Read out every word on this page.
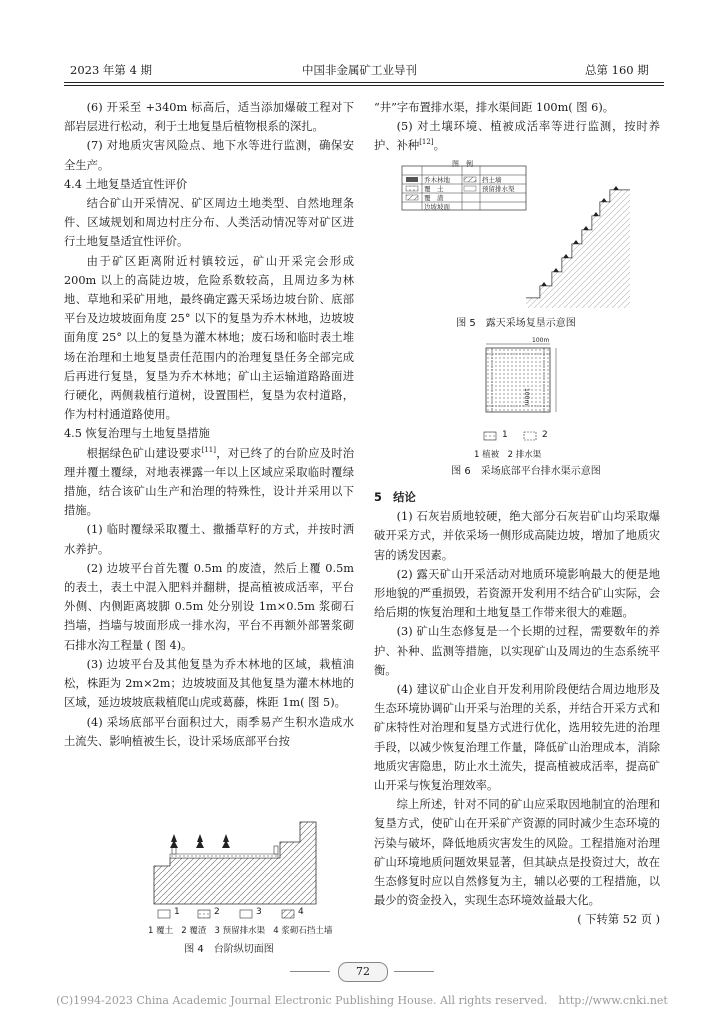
2023 年第 4 期	中国非金属矿工业导刊	总第 160 期

(6) 开采至 +340m 标高后，适当添加爆破工程对下部岩层进行松动，利于土地复垦后植物根系的深扎。

(7) 对地质灾害风险点、地下水等进行监测，确保安全生产。

4.4 土地复垦适宜性评价

结合矿山开采情况、矿区周边土地类型、自然地理条件、区域规划和周边村庄分布、人类活动情况等对矿区进行土地复垦适宜性评价。

由于矿区距离附近村镇较远，矿山开采完会形成 200m 以上的高陡边坡，危险系数较高，且周边多为林地、草地和采矿用地，最终确定露天采场边坡台阶、底部平台及边坡坡面角度 25° 以下的复垦为乔木林地，边坡坡面角度 25° 以上的复垦为灌木林地；废石场和临时表土堆场在治理和土地复垦责任范围内的治理复垦任务全部完成后再进行复垦，复垦为乔木林地；矿山主运输道路路面进行硬化，两侧栽植行道树，设置围栏，复垦为农村道路，作为村村通道路使用。

4.5 恢复治理与土地复垦措施

根据绿色矿山建设要求[11]，对已终了的台阶应及时治理并覆土覆绿，对地表裸露一年以上区域应采取临时覆绿措施，结合该矿山生产和治理的特殊性，设计并采用以下措施。

(1) 临时覆绿采取覆土、撒播草籽的方式，并按时洒水养护。

(2) 边坡平台首先覆 0.5m 的废渣，然后上覆 0.5m 的表土，表土中混入肥料并翻耕，提高植被成活率，平台外侧、内侧距离坡脚 0.5m 处分别设 1m×0.5m 浆砌石挡墙，挡墙与坡面形成一排水沟，平台不再额外部署浆砌石排水沟工程量 ( 图 4)。

(3) 边坡平台及其他复垦为乔木林地的区域，栽植油松，株距为 2m×2m；边坡坡面及其他复垦为灌木林地的区域，延边坡坡底栽植爬山虎或葛藤，株距 1m( 图 5)。

(4) 采场底部平台面积过大，雨季易产生积水造成水土流失、影响植被生长，设计采场底部平台按

1	2	3	4
1 覆土 2 覆渣 3 预留排水渠 4 浆砌石挡土墙
图 4　台阶纵切面图

“井”字布置排水渠，排水渠间距 100m( 图 6)。

(5) 对土壤环境、植被成活率等进行监测，按时养护、补种[12]。

图　例
乔木林地	挡土墙
覆　土	预留排水渠
覆　渣
边坡坡面
图 5　露天采场复垦示意图
100m
100m
1	2
1 植被　2 排水渠
图 6　采场底部平台排水渠示意图

5　结论

(1) 石灰岩质地较硬，绝大部分石灰岩矿山均采取爆破开采方式，并依采场一侧形成高陡边坡，增加了地质灾害的诱发因素。

(2) 露天矿山开采活动对地质环境影响最大的便是地形地貌的严重损毁，若资源开发利用不结合矿山实际，会给后期的恢复治理和土地复垦工作带来很大的难题。

(3) 矿山生态修复是一个长期的过程，需要数年的养护、补种、监测等措施，以实现矿山及周边的生态系统平衡。

(4) 建议矿山企业自开发利用阶段便结合周边地形及生态环境协调矿山开采与治理的关系，并结合开采方式和矿床特性对治理和复垦方式进行优化，选用较先进的治理手段，以减少恢复治理工作量，降低矿山治理成本，消除地质灾害隐患，防止水土流失，提高植被成活率，提高矿山开采与恢复治理效率。

综上所述，针对不同的矿山应采取因地制宜的治理和复垦方式，使矿山在开采矿产资源的同时减少生态环境的污染与破坏，降低地质灾害发生的风险。工程措施对治理矿山环境地质问题效果显著，但其缺点是投资过大，故在生态修复时应以自然修复为主，辅以必要的工程措施，以最少的资金投入，实现生态环境效益最大化。

( 下转第 52 页 )

72
(C)1994-2023 China Academic Journal Electronic Publishing House. All rights reserved.　http://www.cnki.net
